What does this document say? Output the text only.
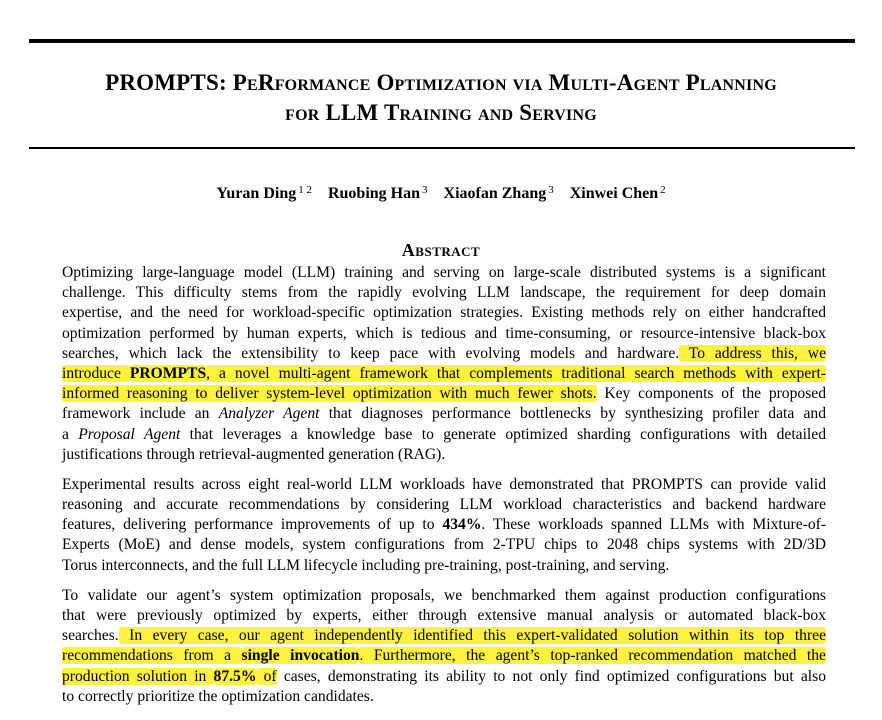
PROMPTS: PeRformance Optimization via Multi-Agent Planning
for LLM Training and Serving
Yuran Ding $^{1 2}$ Ruobing Han $^3$ Xiaofan Zhang $^3$ Xinwei Chen $^2$
Abstract
Optimizing large-language model (LLM) training and serving on large-scale distributed systems is a significant
challenge. This difficulty stems from the rapidly evolving LLM landscape, the requirement for deep domain
expertise, and the need for workload-specific optimization strategies. Existing methods rely on either handcrafted
optimization performed by human experts, which is tedious and time-consuming, or resource-intensive black-box
searches, which lack the extensibility to keep pace with evolving models and hardware. To address this, we
introduce PROMPTS, a novel multi-agent framework that complements traditional search methods with expert-
informed reasoning to deliver system-level optimization with much fewer shots. Key components of the proposed
framework include an Analyzer Agent that diagnoses performance bottlenecks by synthesizing profiler data and
a Proposal Agent that leverages a knowledge base to generate optimized sharding configurations with detailed
justifications through retrieval-augmented generation (RAG).
Experimental results across eight real-world LLM workloads have demonstrated that PROMPTS can provide valid
reasoning and accurate recommendations by considering LLM workload characteristics and backend hardware
features, delivering performance improvements of up to 434%. These workloads spanned LLMs with Mixture-of-
Experts (MoE) and dense models, system configurations from 2-TPU chips to 2048 chips systems with 2D/3D
Torus interconnects, and the full LLM lifecycle including pre-training, post-training, and serving.
To validate our agent’s system optimization proposals, we benchmarked them against production configurations
that were previously optimized by experts, either through extensive manual analysis or automated black-box
searches. In every case, our agent independently identified this expert-validated solution within its top three
recommendations from a single invocation. Furthermore, the agent’s top-ranked recommendation matched the
production solution in 87.5% of cases, demonstrating its ability to not only find optimized configurations but also
to correctly prioritize the optimization candidates.
